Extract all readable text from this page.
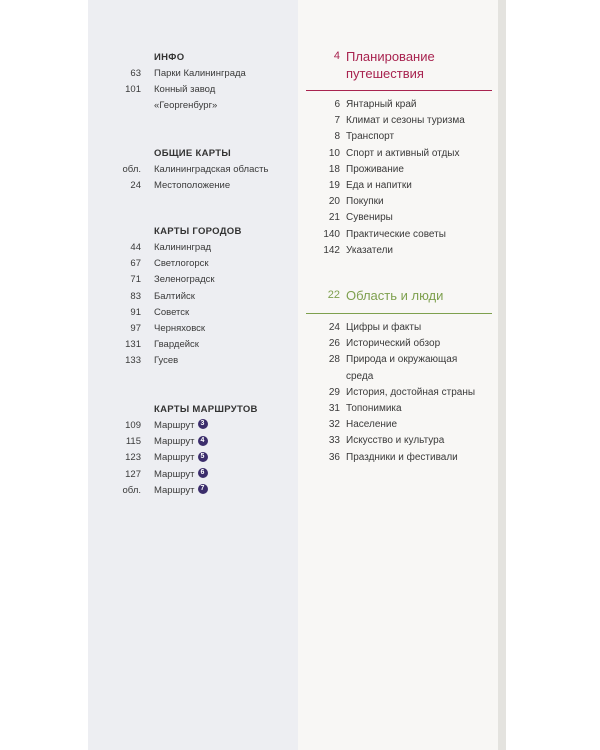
ИНФО
63 Парки Калининграда
101 Конный завод
«Георгенбург»
ОБЩИЕ КАРТЫ
обл. Калининградская область
24 Местоположение
КАРТЫ ГОРОДОВ
44 Калининград
67 Светлогорск
71 Зеленоградск
83 Балтийск
91 Советск
97 Черняховск
131 Гвардейск
133 Гусев
КАРТЫ МАРШРУТОВ
109 Маршрут 3
115 Маршрут 4
123 Маршрут 5
127 Маршрут 6
обл. Маршрут 7
4 Планирование
путешествия
6 Янтарный край
7 Климат и сезоны туризма
8 Транспорт
10 Спорт и активный отдых
18 Проживание
19 Еда и напитки
20 Покупки
21 Сувениры
140 Практические советы
142 Указатели
22 Область и люди
24 Цифры и факты
26 Исторический обзор
28 Природа и окружающая
среда
29 История, достойная страны
31 Топонимика
32 Население
33 Искусство и культура
36 Праздники и фестивали
